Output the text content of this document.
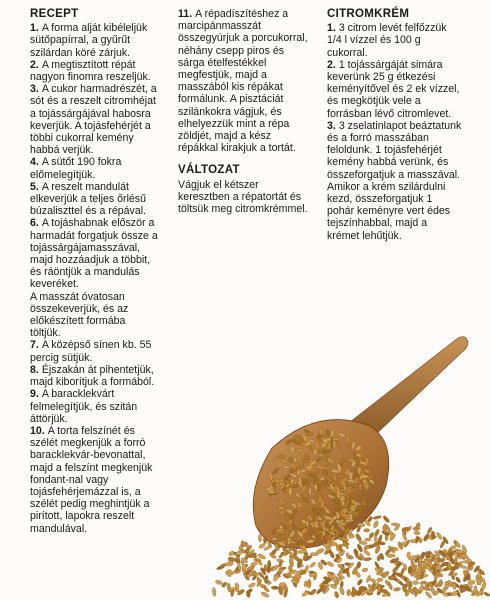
RECEPT

1. A forma alját kibéleljük sütőpapírral, a gyűrűt szilárdan köré zárjuk.

2. A megtisztított répát nagyon finomra reszeljük.

3. A cukor harmadrészét, a sót és a reszelt citromhéjat a tojássárgájával habosra keverjük. A tojásfehérjét a többi cukorral kemény habbá verjük.

4. A sütőt 190 fokra előmelegítjük.

5. A reszelt mandulát elkeverjük a teljes őrlésű búzaliszttel és a répával.

6. A tojáshabnak először a harmadát forgatjuk össze a tojássárgájamasszával, majd hozzáadjuk a többit, és ráöntjük a mandulás keveréket.

A masszát óvatosan összekeverjük, és az előkészített formába töltjük.

7. A középső sínen kb. 55 percig sütjük.

8. Éjszakán át pihentetjük, majd kiborítjuk a formából.

9. A baracklekvárt felmelegítjük, és szitán áttörjük.

10. A torta felszínét és szélét megkenjük a forró baracklekvár-bevonattal, majd a felszínt megkenjük fondant-nal vagy tojásfehérjemázzal is, a szélét pedig meghintjük a pirított, lapokra reszelt mandulával.

11. A répadíszítéshez a marcipánmasszát összegyúrjuk a porcukorral, néhány csepp piros és sárga ételfestékkel megfestjük, majd a masszából kis répákat formálunk. A pisztáciát szilánkokra vágjuk, és elhelyezzük mint a répa zöldjét, majd a kész répákkal kirakjuk a tortát.

VÁLTOZAT

Vágjuk el kétszer keresztben a répatortát és töltsük meg citromkrémmel.

CITROMKRÉM

1. 3 citrom levét felfőzzük 1/4 l vízzel és 100 g cukorral.

2. 1 tojássárgáját simára keverünk 25 g étkezési keményítővel és 2 ek vízzel, és megkötjük vele a forrásban lévő citromlevet.

3. 3 zselatinlapot beáztatunk és a forró masszában feloldunk. 1 tojásfehérjét kemény habbá verünk, és összeforgatjuk a masszával. Amikor a krém szilárdulni kezd, összeforgatjuk 1 pohár keményre vert édes tejszínhabbal, majd a krémet lehűtjük.
